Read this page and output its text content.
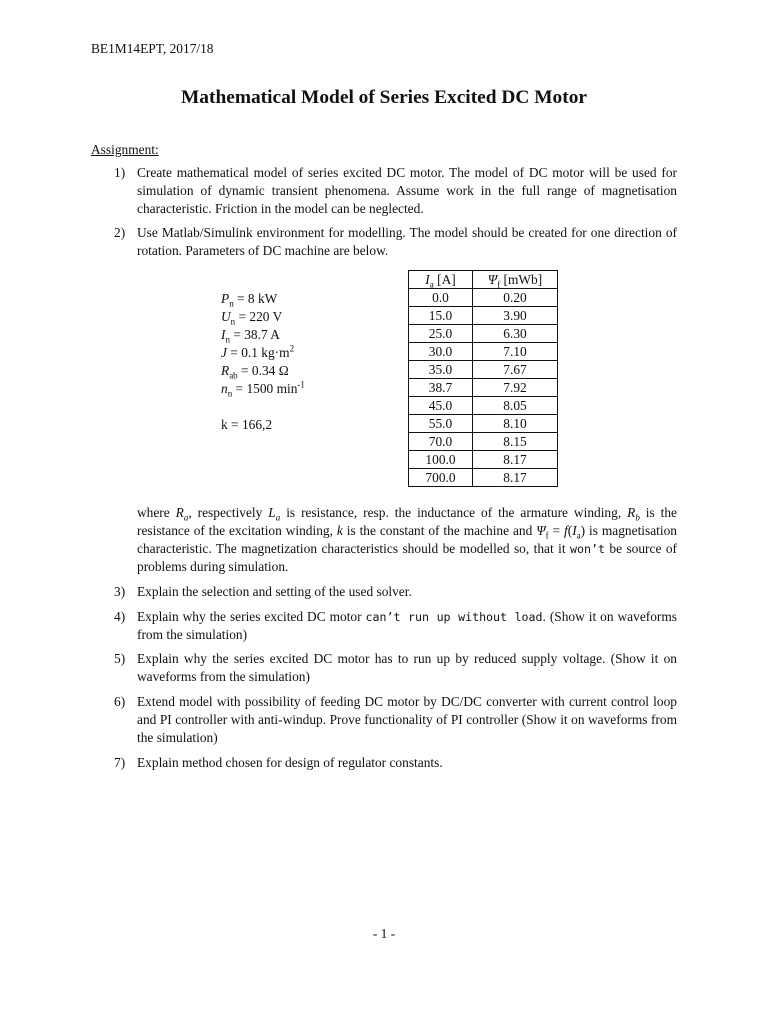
BE1M14EPT, 2017/18
Mathematical Model of Series Excited DC Motor
Assignment:
1) Create mathematical model of series excited DC motor. The model of DC motor will be used for simulation of dynamic transient phenomena. Assume work in the full range of magnetisation characteristic. Friction in the model can be neglected.
2) Use Matlab/Simulink environment for modelling. The model should be created for one direction of rotation. Parameters of DC machine are below.
$P_n = 8$ kW
$U_n = 220$ V
$I_n = 38.7$ A
J = 0.1 $kg\cdot m^2$
$R_{ab} = 0.34$ Ω
$n_n = 1500$ $\min^{-1}$
k = 166,2
$I_a$ [A]	$\Psi_f$ [mWb]
0.0	0.20
15.0	3.90
25.0	6.30
30.0	7.10
35.0	7.67
38.7	7.92
45.0	8.05
55.0	8.10
70.0	8.15
100.0	8.17
700.0	8.17
where $R_a$, respectively $L_a$ is resistance, resp. the inductance of the armature winding, $R_b$ is the resistance of the excitation winding, k is the constant of the machine and $\Psi_f = f(I_a)$ is magnetisation characteristic. The magnetization characteristics should be modelled so, that it won’t be source of problems during simulation.
3) Explain the selection and setting of the used solver.
4) Explain why the series excited DC motor can’t run up without load. (Show it on waveforms from the simulation)
5) Explain why the series excited DC motor has to run up by reduced supply voltage. (Show it on waveforms from the simulation)
6) Extend model with possibility of feeding DC motor by DC/DC converter with current control loop and PI controller with anti-windup. Prove functionality of PI controller (Show it on waveforms from the simulation)
7) Explain method chosen for design of regulator constants.
- 1 -
